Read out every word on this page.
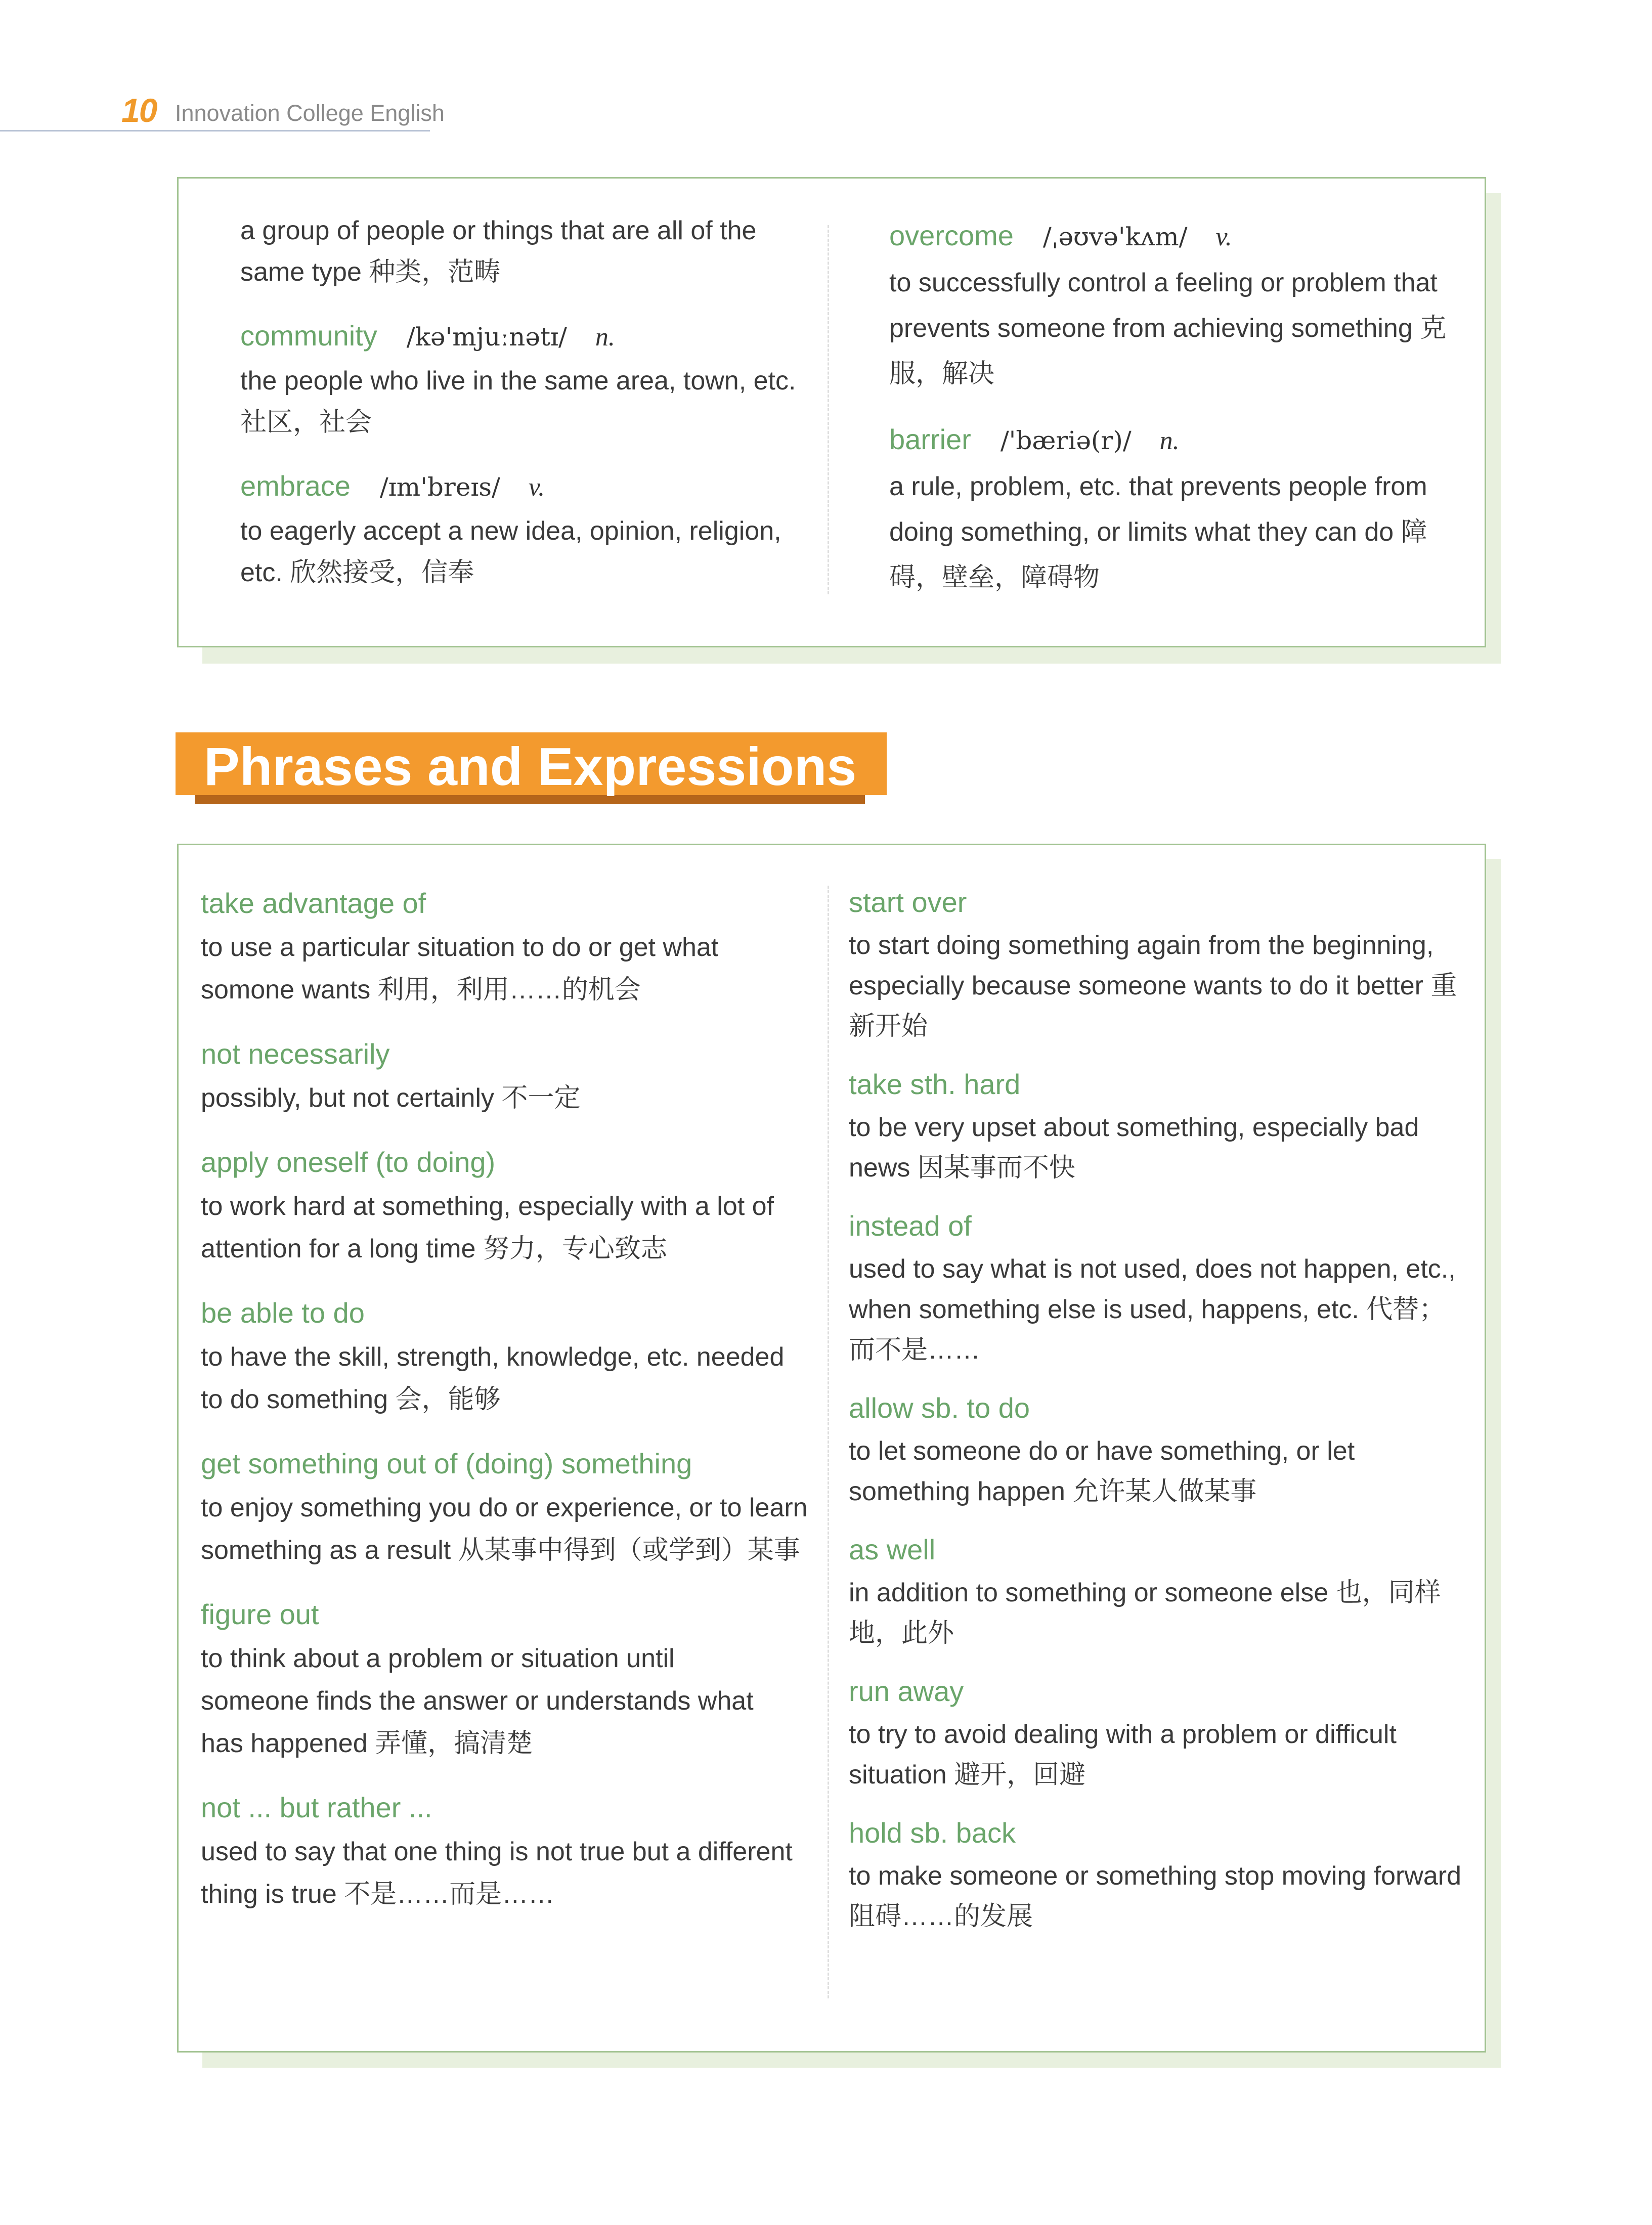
10 Innovation College English
a group of people or things that are all of the same type 种类，范畴
community /kə'mjuːnətɪ/ n.
the people who live in the same area, town, etc. 社区，社会
embrace /ɪm'breɪs/ v.
to eagerly accept a new idea, opinion, religion, etc. 欣然接受，信奉
overcome /ˌəʊvə'kʌm/ v.
to successfully control a feeling or problem that prevents someone from achieving something 克服，解决
barrier /'bæriə(r)/ n.
a rule, problem, etc. that prevents people from doing something, or limits what they can do 障碍，壁垒，障碍物
Phrases and Expressions
take advantage of
to use a particular situation to do or get what somone wants 利用，利用……的机会
not necessarily
possibly, but not certainly 不一定
apply oneself (to doing)
to work hard at something, especially with a lot of attention for a long time 努力，专心致志
be able to do
to have the skill, strength, knowledge, etc. needed to do something 会，能够
get something out of (doing) something
to enjoy something you do or experience, or to learn something as a result 从某事中得到（或学到）某事
figure out
to think about a problem or situation until someone finds the answer or understands what has happened 弄懂，搞清楚
not ... but rather ...
used to say that one thing is not true but a different thing is true 不是……而是……
start over
to start doing something again from the beginning, especially because someone wants to do it better 重新开始
take sth. hard
to be very upset about something, especially bad news 因某事而不快
instead of
used to say what is not used, does not happen, etc., when something else is used, happens, etc. 代替；而不是……
allow sb. to do
to let someone do or have something, or let something happen 允许某人做某事
as well
in addition to something or someone else 也，同样地，此外
run away
to try to avoid dealing with a problem or difficult situation 避开，回避
hold sb. back
to make someone or something stop moving forward 阻碍……的发展
